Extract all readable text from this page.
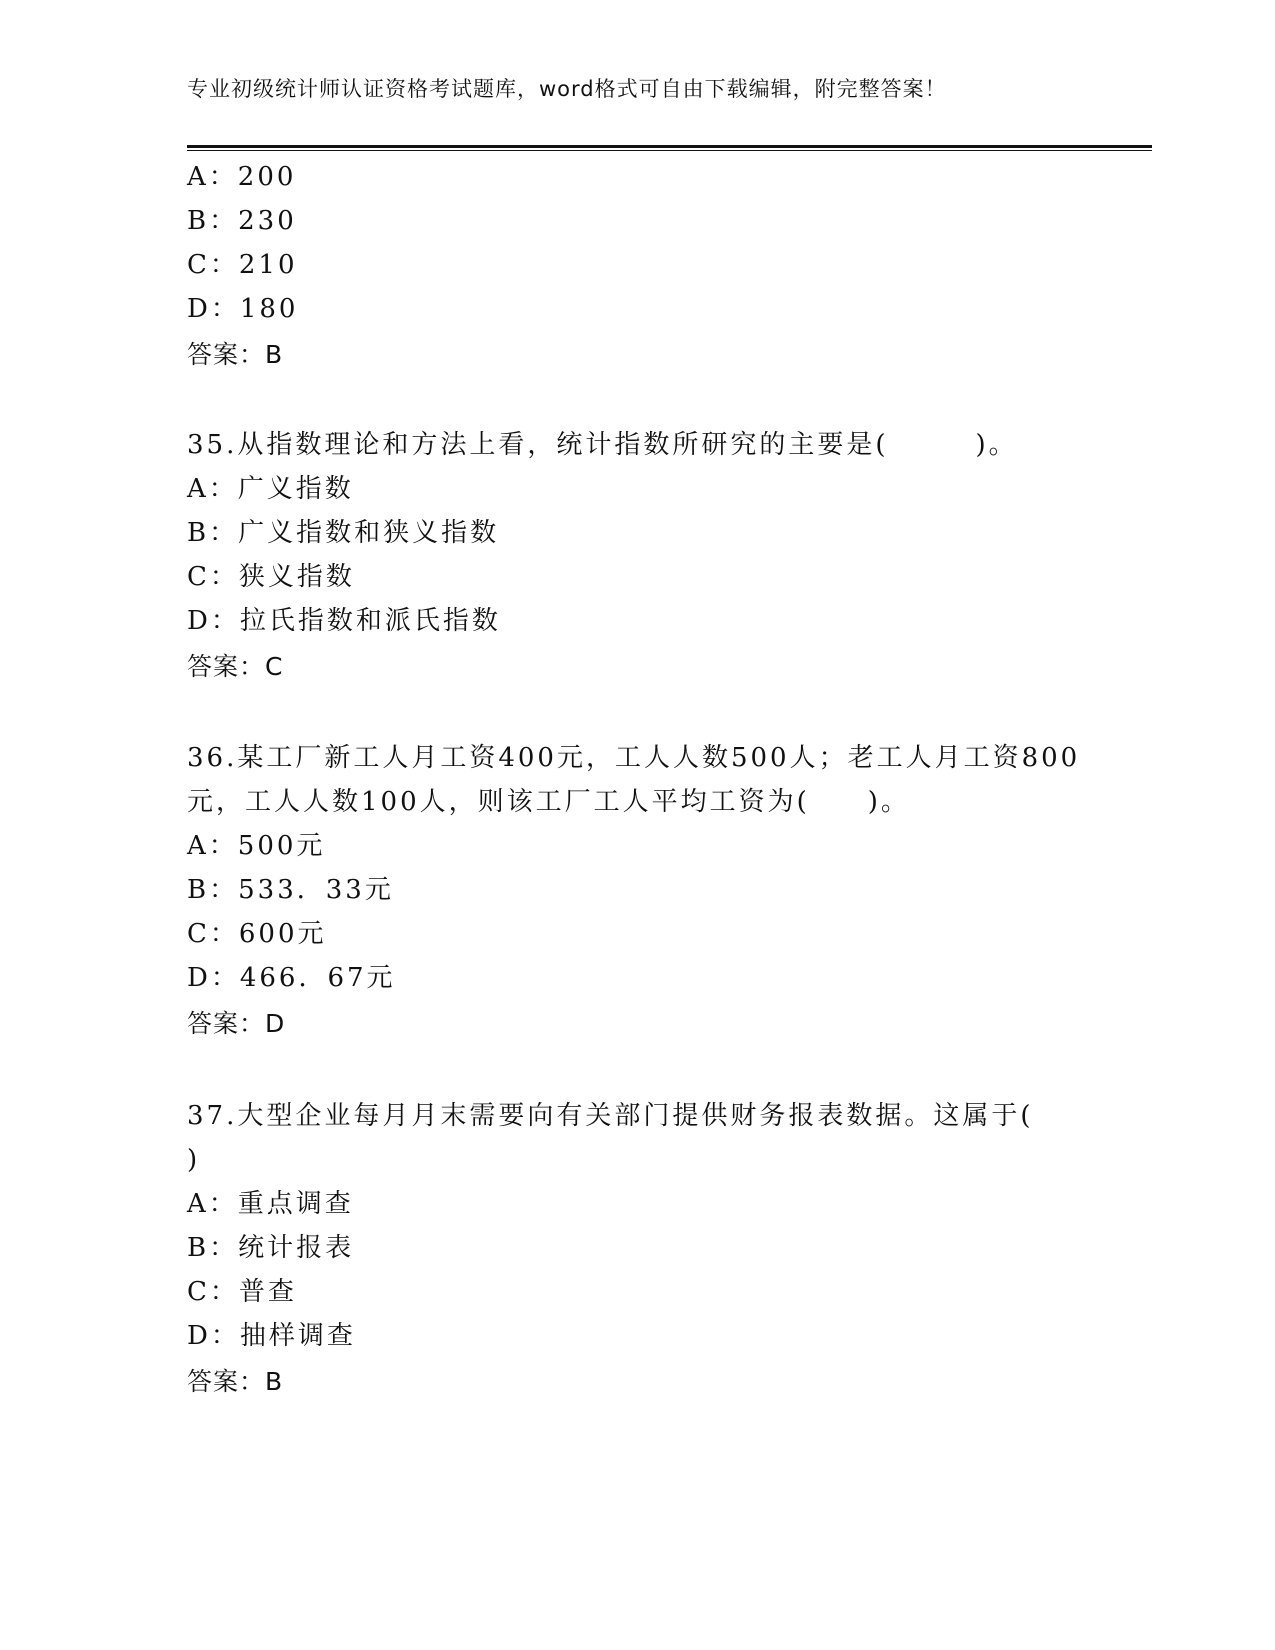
专业初级统计师认证资格考试题库，word格式可自由下载编辑，附完整答案！
A：200
B：230
C：210
D：180
答案：B
35.从指数理论和方法上看，统计指数所研究的主要是(　　　)。
A：广义指数
B：广义指数和狭义指数
C：狭义指数
D：拉氏指数和派氏指数
答案：C
36.某工厂新工人月工资400元，工人人数500人；老工人月工资800
元，工人人数100人，则该工厂工人平均工资为(　　)。
A：500元
B：533．33元
C：600元
D：466．67元
答案：D
37.大型企业每月月末需要向有关部门提供财务报表数据。这属于(
)
A：重点调查
B：统计报表
C：普查
D：抽样调查
答案：B
